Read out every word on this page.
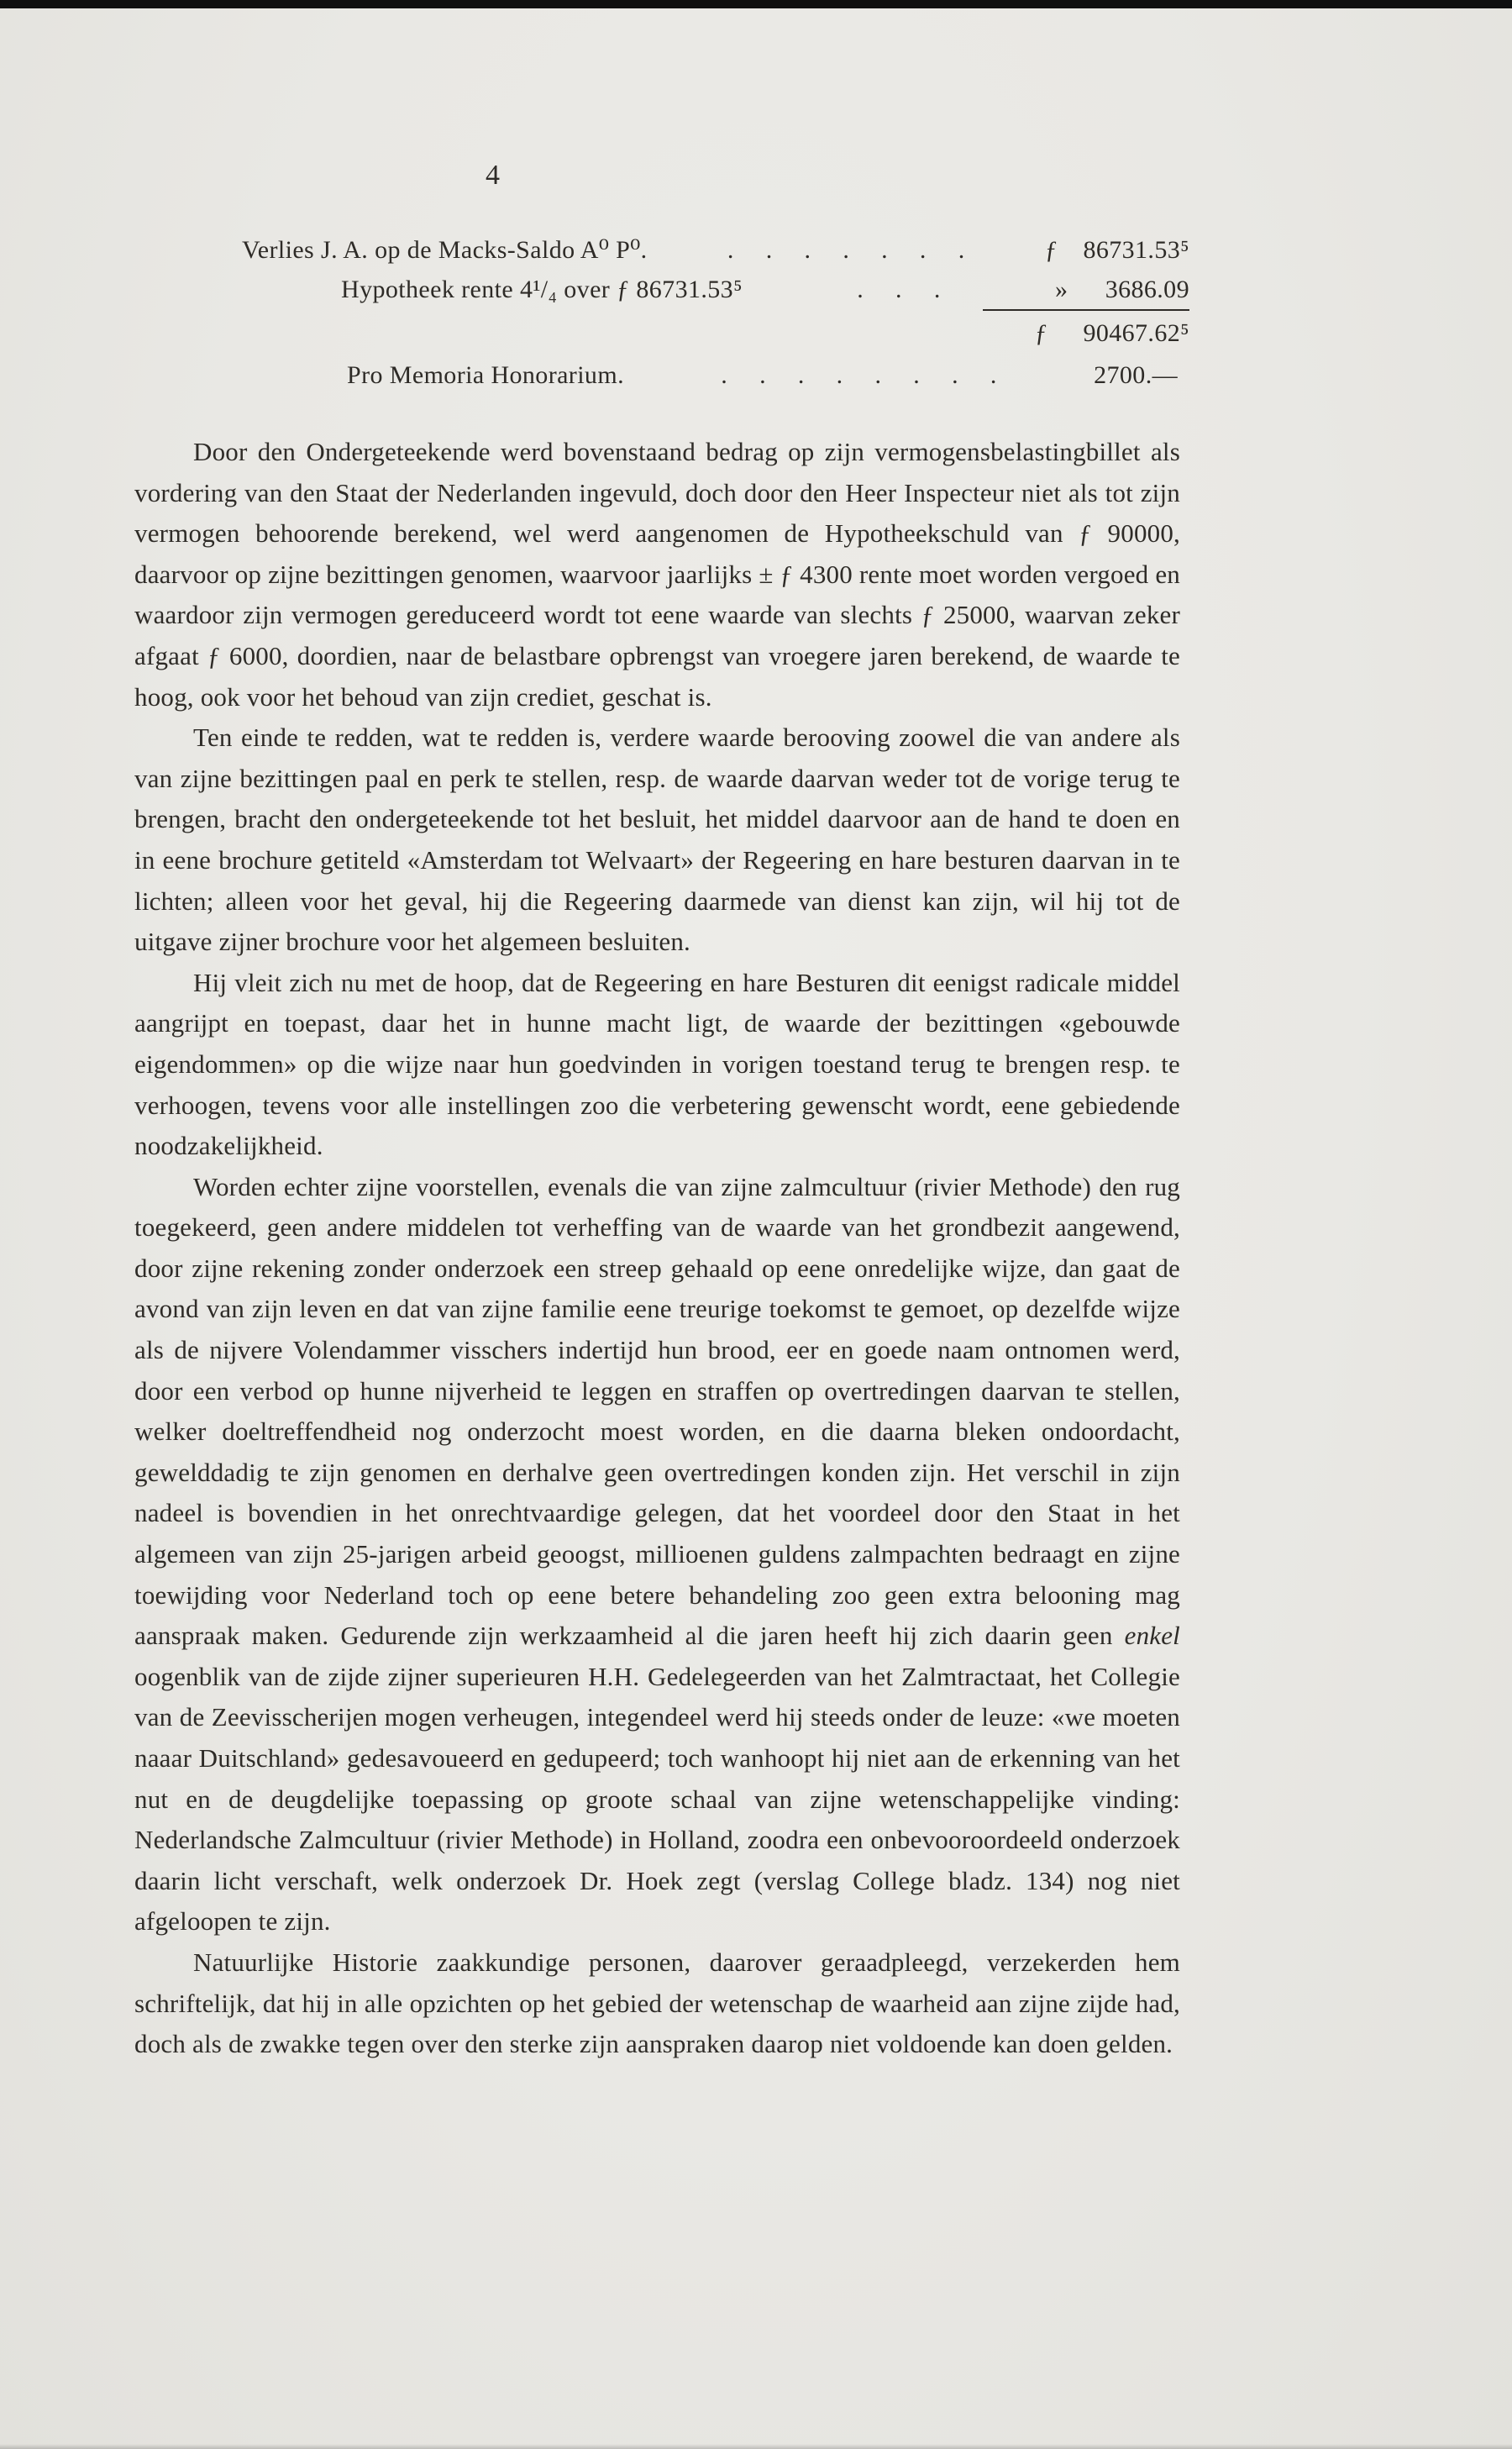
4
Verlies J. A. op de Macks-Saldo A⁰ P⁰.	. . . . . . .	ƒ 86731.53⁵
Hypotheek rente 4¹/₄ over ƒ 86731.53⁵	. . .	» 3686.09
ƒ 90467.62⁵
Pro Memoria Honorarium.	. . . . . . . .	2700.—

Door den Ondergeteekende werd bovenstaand bedrag op zijn vermogensbelastingbillet als vordering van den Staat der Nederlanden ingevuld, doch door den Heer Inspecteur niet als tot zijn vermogen behoorende berekend, wel werd aangenomen de Hypotheekschuld van ƒ 90000, daarvoor op zijne bezittingen genomen, waarvoor jaarlijks ± ƒ 4300 rente moet worden vergoed en waardoor zijn vermogen gereduceerd wordt tot eene waarde van slechts ƒ 25000, waarvan zeker afgaat ƒ 6000, doordien, naar de belastbare opbrengst van vroegere jaren berekend, de waarde te hoog, ook voor het behoud van zijn crediet, geschat is.

Ten einde te redden, wat te redden is, verdere waarde berooving zoowel die van andere als van zijne bezittingen paal en perk te stellen, resp. de waarde daarvan weder tot de vorige terug te brengen, bracht den ondergeteekende tot het besluit, het middel daarvoor aan de hand te doen en in eene brochure getiteld «Amsterdam tot Welvaart» der Regeering en hare besturen daarvan in te lichten; alleen voor het geval, hij die Regeering daarmede van dienst kan zijn, wil hij tot de uitgave zijner brochure voor het algemeen besluiten.

Hij vleit zich nu met de hoop, dat de Regeering en hare Besturen dit eenigst radicale middel aangrijpt en toepast, daar het in hunne macht ligt, de waarde der bezittingen «gebouwde eigendommen» op die wijze naar hun goedvinden in vorigen toestand terug te brengen resp. te verhoogen, tevens voor alle instellingen zoo die verbetering gewenscht wordt, eene gebiedende noodzakelijkheid.

Worden echter zijne voorstellen, evenals die van zijne zalmcultuur (rivier Methode) den rug toegekeerd, geen andere middelen tot verheffing van de waarde van het grondbezit aangewend, door zijne rekening zonder onderzoek een streep gehaald op eene onredelijke wijze, dan gaat de avond van zijn leven en dat van zijne familie eene treurige toekomst te gemoet, op dezelfde wijze als de nijvere Volendammer visschers indertijd hun brood, eer en goede naam ontnomen werd, door een verbod op hunne nijverheid te leggen en straffen op overtredingen daarvan te stellen, welker doeltreffendheid nog onderzocht moest worden, en die daarna bleken ondoordacht, gewelddadig te zijn genomen en derhalve geen overtredingen konden zijn. Het verschil in zijn nadeel is bovendien in het onrechtvaardige gelegen, dat het voordeel door den Staat in het algemeen van zijn 25-jarigen arbeid geoogst, millioenen guldens zalmpachten bedraagt en zijne toewijding voor Nederland toch op eene betere behandeling zoo geen extra belooning mag aanspraak maken. Gedurende zijn werkzaamheid al die jaren heeft hij zich daarin geen enkel oogenblik van de zijde zijner superieuren H.H. Gedelegeerden van het Zalmtractaat, het Collegie van de Zeevisscherijen mogen verheugen, integendeel werd hij steeds onder de leuze: «we moeten naaar Duitschland» gedesavoueerd en gedupeerd; toch wanhoopt hij niet aan de erkenning van het nut en de deugdelijke toepassing op groote schaal van zijne wetenschappelijke vinding: Nederlandsche Zalmcultuur (rivier Methode) in Holland, zoodra een onbevooroordeeld onderzoek daarin licht verschaft, welk onderzoek Dr. Hoek zegt (verslag College bladz. 134) nog niet afgeloopen te zijn.

Natuurlijke Historie zaakkundige personen, daarover geraadpleegd, verzekerden hem schriftelijk, dat hij in alle opzichten op het gebied der wetenschap de waarheid aan zijne zijde had, doch als de zwakke tegen over den sterke zijn aanspraken daarop niet voldoende kan doen gelden.
